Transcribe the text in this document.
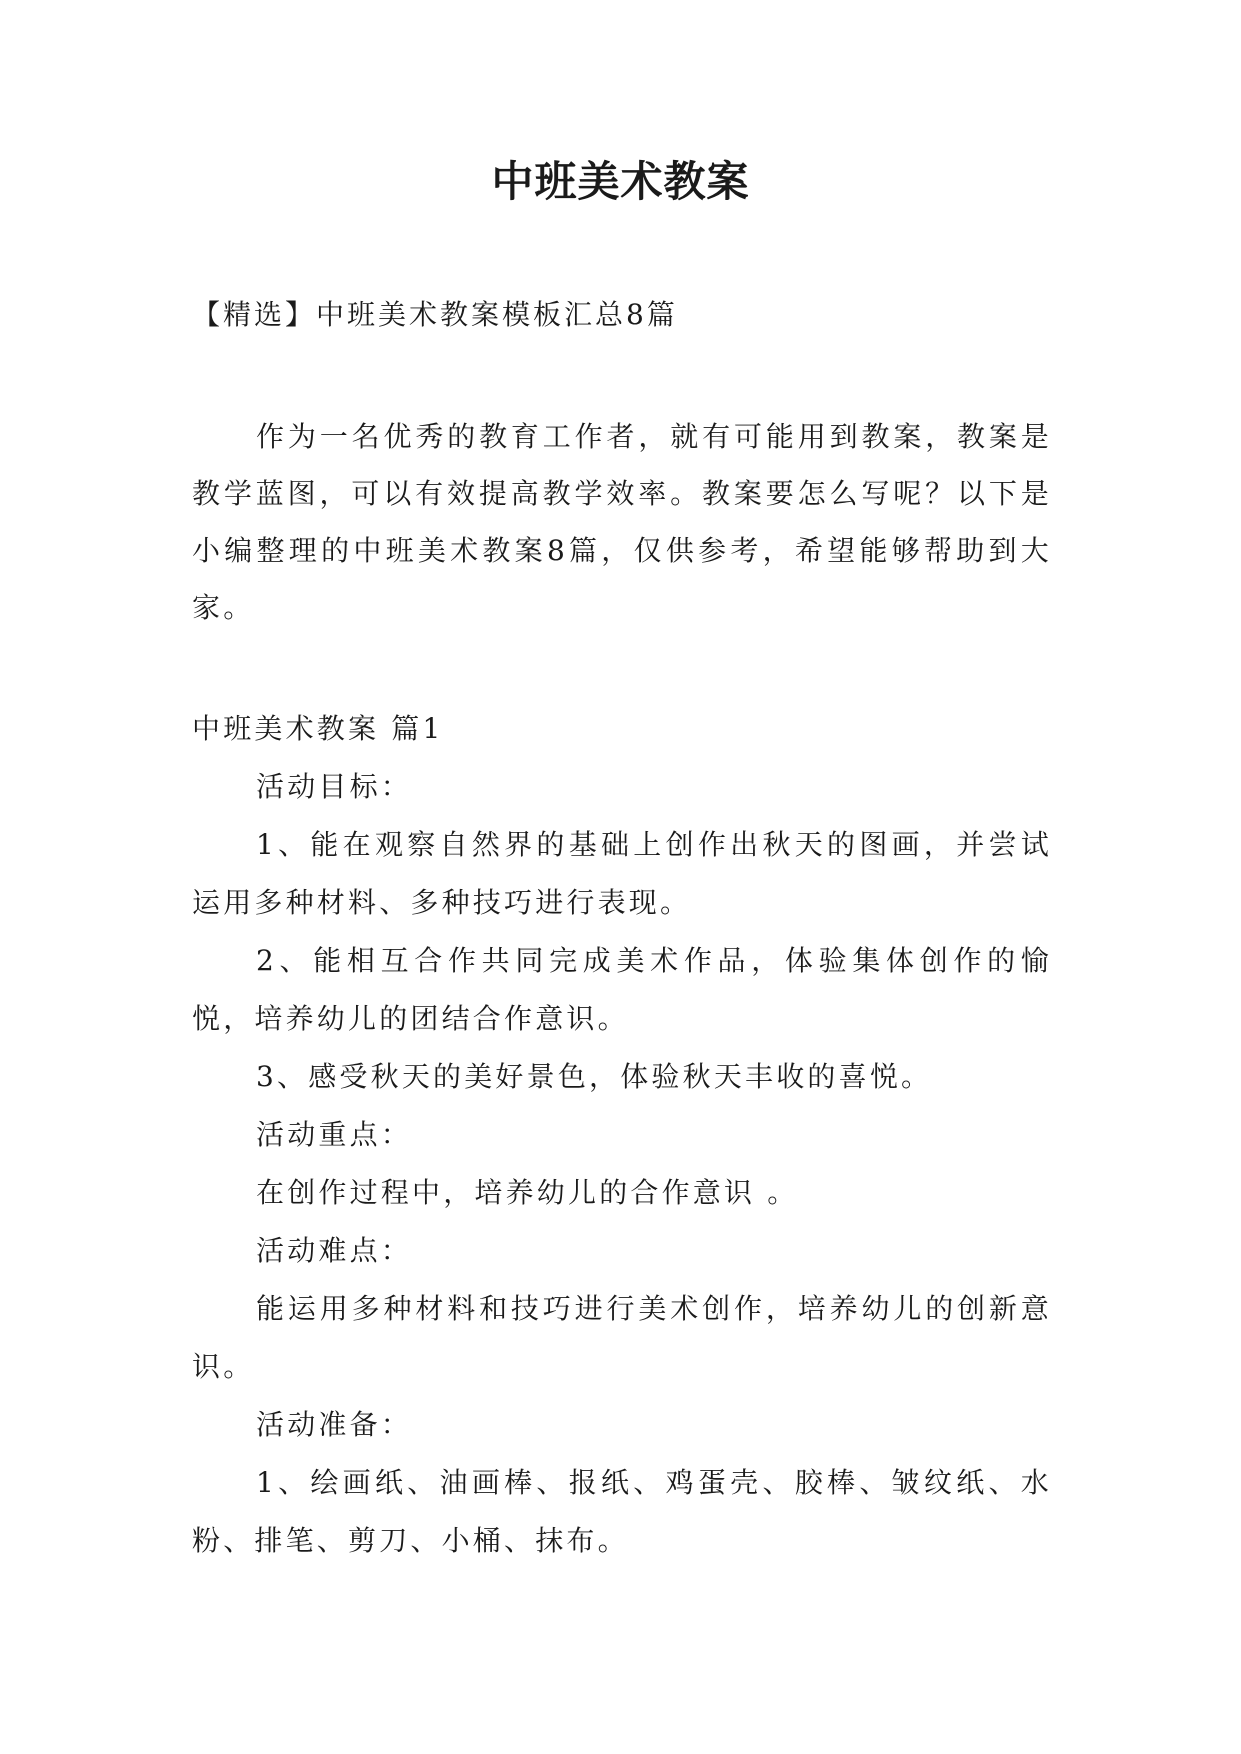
中班美术教案
【精选】中班美术教案模板汇总8篇

作为一名优秀的教育工作者，就有可能用到教案，教案是教学蓝图，可以有效提高教学效率。教案要怎么写呢？以下是小编整理的中班美术教案8篇，仅供参考，希望能够帮助到大家。

中班美术教案 篇1

活动目标：

1、能在观察自然界的基础上创作出秋天的图画，并尝试运用多种材料、多种技巧进行表现。

2、能相互合作共同完成美术作品，体验集体创作的愉悦，培养幼儿的团结合作意识。

3、感受秋天的美好景色，体验秋天丰收的喜悦。

活动重点：

在创作过程中，培养幼儿的合作意识 。

活动难点：

能运用多种材料和技巧进行美术创作，培养幼儿的创新意识。

活动准备：

1、绘画纸、油画棒、报纸、鸡蛋壳、胶棒、皱纹纸、水粉、排笔、剪刀、小桶、抹布。
